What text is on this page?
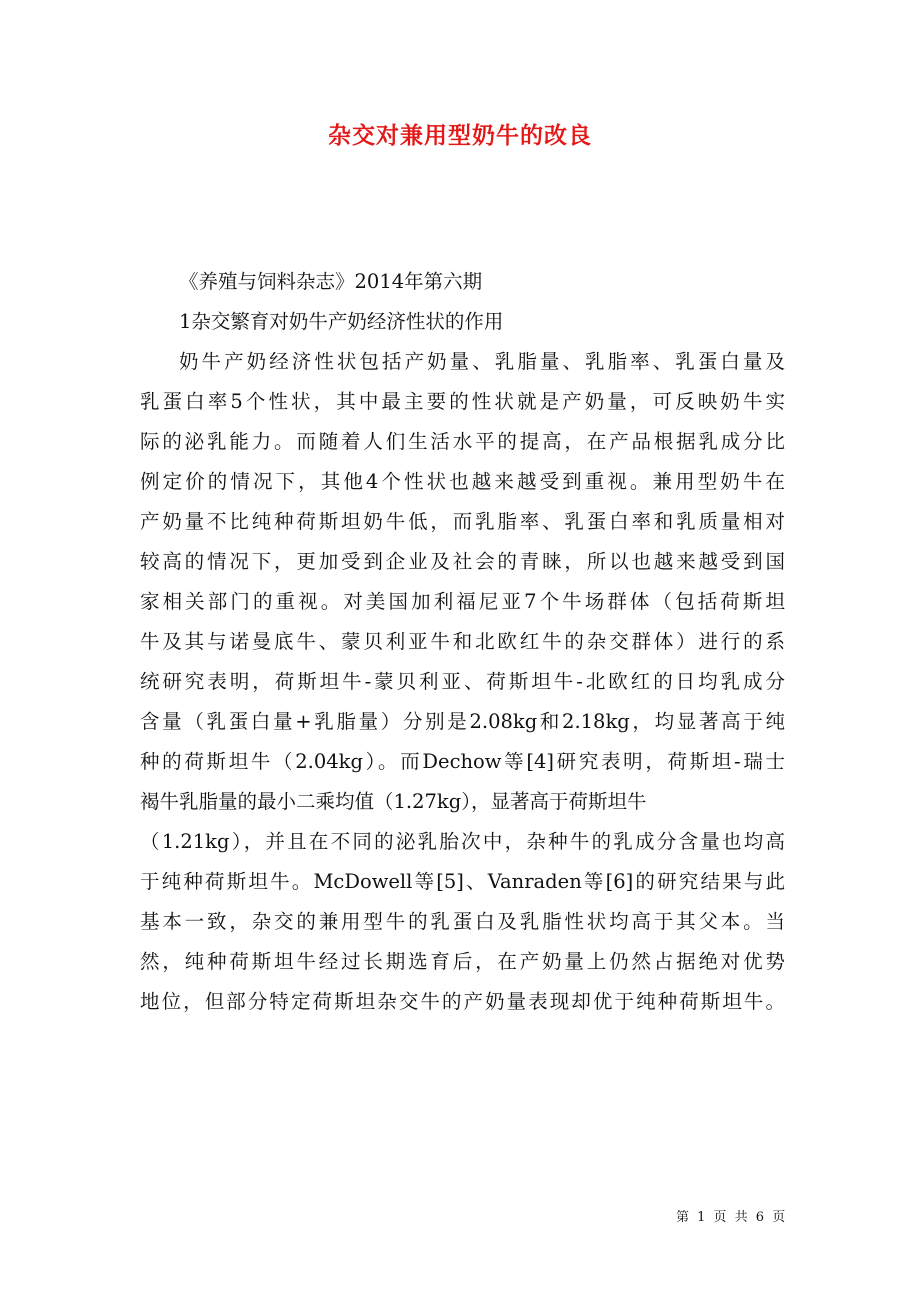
杂交对兼用型奶牛的改良
《养殖与饲料杂志》2014年第六期
1杂交繁育对奶牛产奶经济性状的作用
奶牛产奶经济性状包括产奶量、乳脂量、乳脂率、乳蛋白量及
乳蛋白率5个性状，其中最主要的性状就是产奶量，可反映奶牛实
际的泌乳能力。而随着人们生活水平的提高，在产品根据乳成分比
例定价的情况下，其他4个性状也越来越受到重视。兼用型奶牛在
产奶量不比纯种荷斯坦奶牛低，而乳脂率、乳蛋白率和乳质量相对
较高的情况下，更加受到企业及社会的青睐，所以也越来越受到国
家相关部门的重视。对美国加利福尼亚7个牛场群体（包括荷斯坦
牛及其与诺曼底牛、蒙贝利亚牛和北欧红牛的杂交群体）进行的系
统研究表明，荷斯坦牛-蒙贝利亚、荷斯坦牛-北欧红的日均乳成分
含量（乳蛋白量+乳脂量）分别是2.08kg和2.18kg，均显著高于纯
种的荷斯坦牛（2.04kg）。而Dechow等[4]研究表明，荷斯坦-瑞士
褐牛乳脂量的最小二乘均值（1.27kg），显著高于荷斯坦牛
（1.21kg），并且在不同的泌乳胎次中，杂种牛的乳成分含量也均高
于纯种荷斯坦牛。McDowell等[5]、Vanraden等[6]的研究结果与此
基本一致，杂交的兼用型牛的乳蛋白及乳脂性状均高于其父本。当
然，纯种荷斯坦牛经过长期选育后，在产奶量上仍然占据绝对优势
地位，但部分特定荷斯坦杂交牛的产奶量表现却优于纯种荷斯坦牛。
第 1 页 共 6 页
